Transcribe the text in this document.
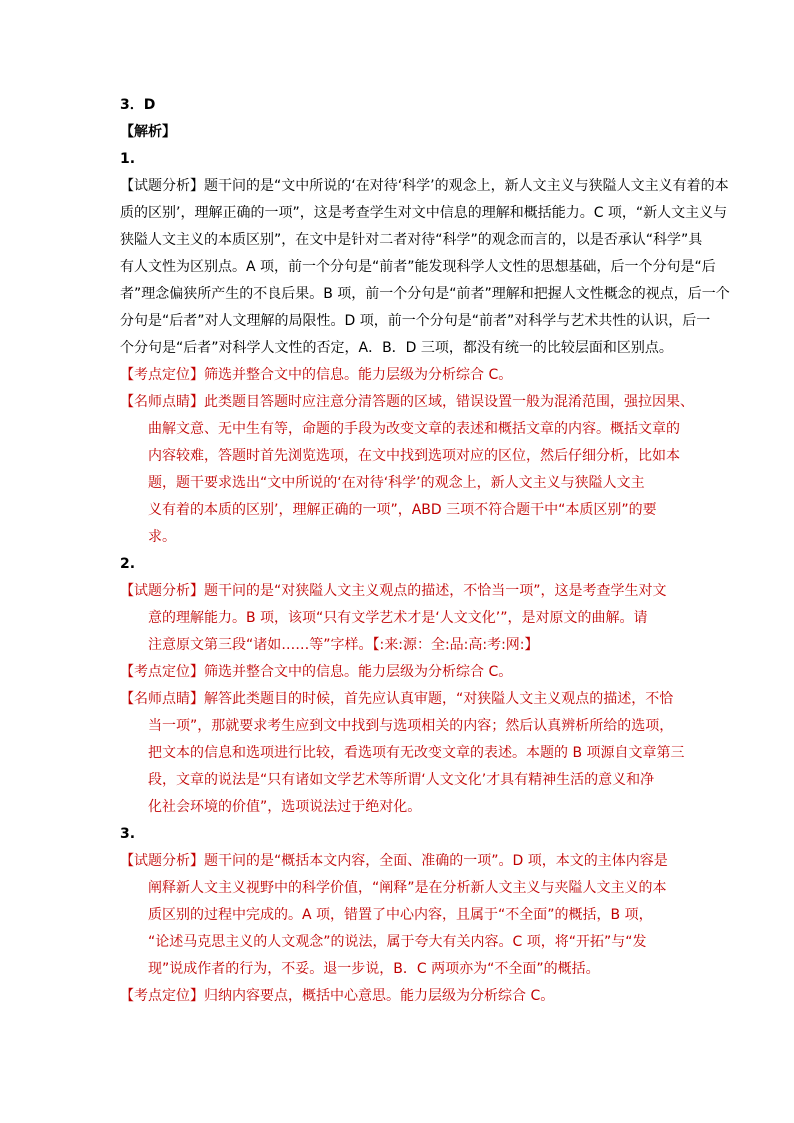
3．D
【解析】
1.
【试题分析】题干问的是“文中所说的‘在对待‘科学’的观念上，新人文主义与狭隘人文主义有着的本
质的区别’，理解正确的一项”，这是考查学生对文中信息的理解和概括能力。C 项，“新人文主义与
狭隘人文主义的本质区别”，在文中是针对二者对待“科学”的观念而言的，以是否承认“科学”具
有人文性为区别点。A 项，前一个分句是“前者”能发现科学人文性的思想基础，后一个分句是“后
者”理念偏狭所产生的不良后果。B 项，前一个分句是“前者”理解和把握人文性概念的视点，后一个
分句是“后者”对人文理解的局限性。D 项，前一个分句是“前者”对科学与艺术共性的认识，后一
个分句是“后者”对科学人文性的否定，A．B．D 三项，都没有统一的比较层面和区别点。
【考点定位】筛选并整合文中的信息。能力层级为分析综合 C。
【名师点睛】此类题目答题时应注意分清答题的区域，错误设置一般为混淆范围，强拉因果、
曲解文意、无中生有等，命题的手段为改变文章的表述和概括文章的内容。概括文章的
内容较难，答题时首先浏览选项，在文中找到选项对应的区位，然后仔细分析，比如本
题，题干要求选出“文中所说的‘在对待‘科学’的观念上，新人文主义与狭隘人文主
义有着的本质的区别’，理解正确的一项”，ABD 三项不符合题干中“本质区别”的要
求。
2.
【试题分析】题干问的是“对狭隘人文主义观点的描述，不恰当一项”，这是考查学生对文
意的理解能力。B 项，该项“只有文学艺术才是‘人文文化’”，是对原文的曲解。请
注意原文第三段“诸如……等”字样。【:来:源：全:品:高:考:网:】
【考点定位】筛选并整合文中的信息。能力层级为分析综合 C。
【名师点睛】解答此类题目的时候，首先应认真审题，“对狭隘人文主义观点的描述，不恰
当一项”，那就要求考生应到文中找到与选项相关的内容；然后认真辨析所给的选项，
把文本的信息和选项进行比较，看选项有无改变文章的表述。本题的 B 项源自文章第三
段，文章的说法是“只有诸如文学艺术等所谓‘人文文化’才具有精神生活的意义和净
化社会环境的价值”，选项说法过于绝对化。
3.
【试题分析】题干问的是“概括本文内容，全面、准确的一项”。D 项，本文的主体内容是
阐释新人文主义视野中的科学价值，“阐释”是在分析新人文主义与夹隘人文主义的本
质区别的过程中完成的。A 项，错置了中心内容，且属于“不全面”的概括，B 项，
“论述马克思主义的人文观念”的说法，属于夸大有关内容。C 项，将“开拓”与“发
现”说成作者的行为，不妥。退一步说，B．C 两项亦为“不全面”的概括。
【考点定位】归纳内容要点，概括中心意思。能力层级为分析综合 C。
